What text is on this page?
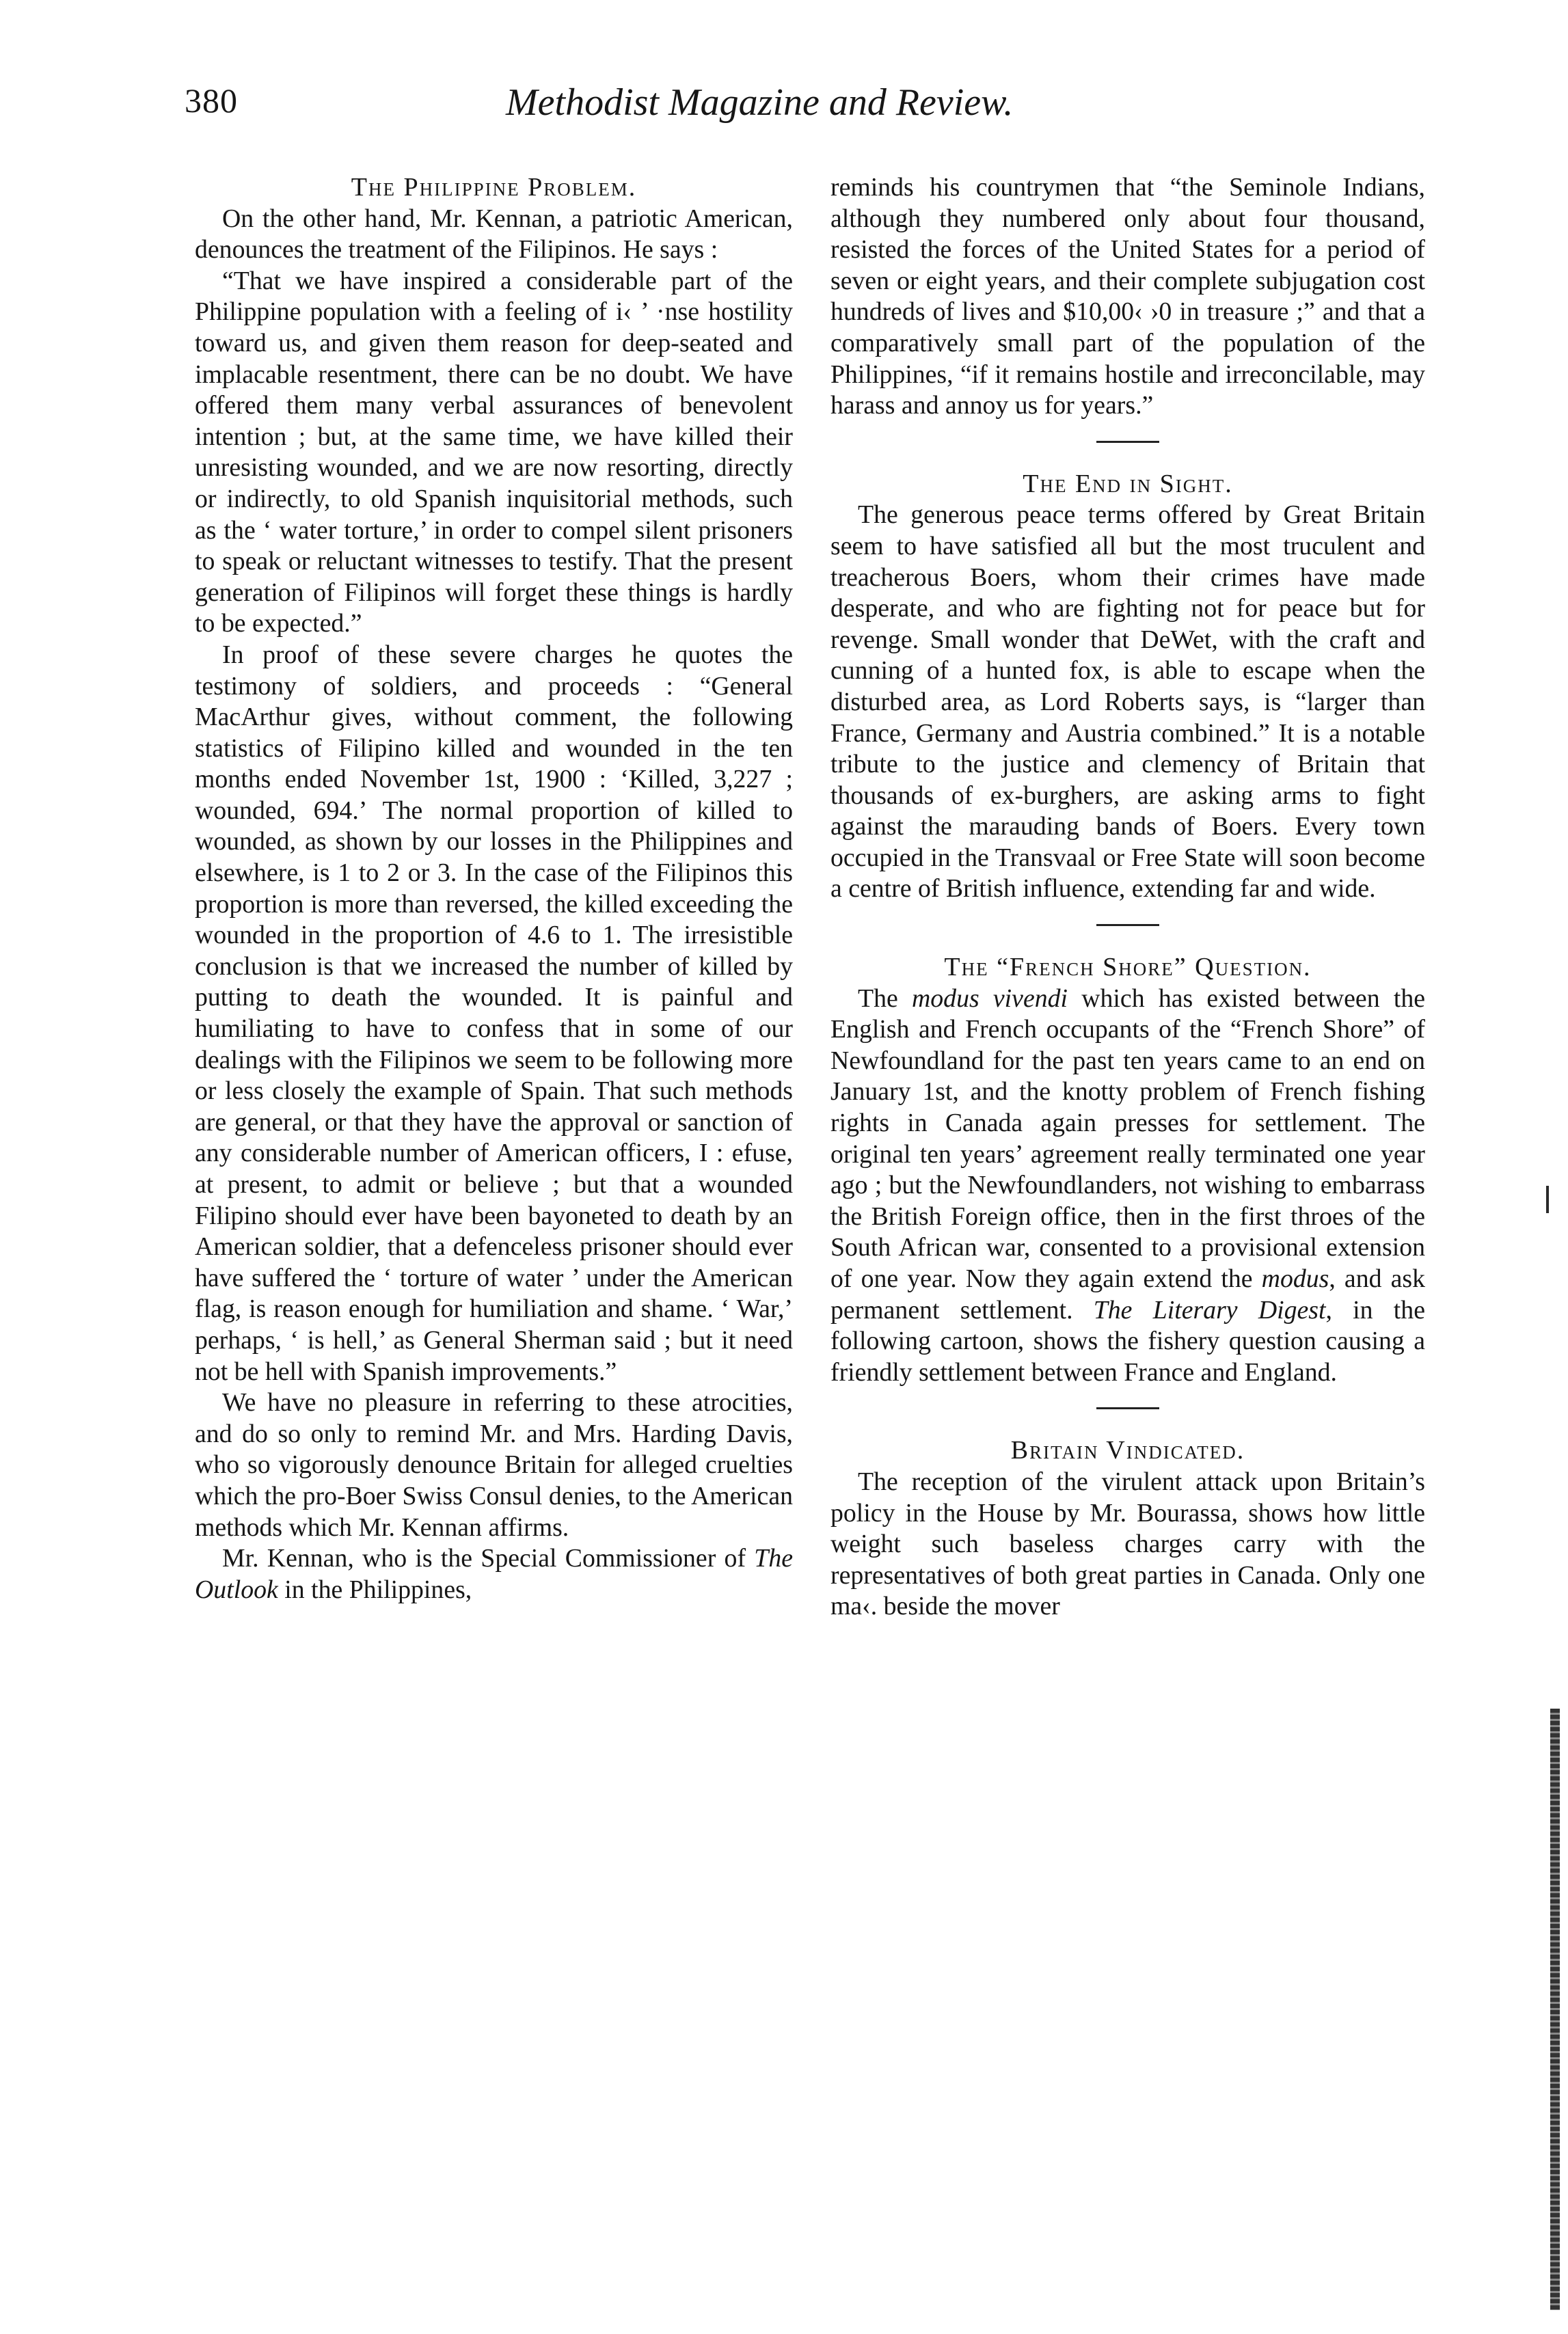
380	Methodist Magazine and Review.

The Philippine Problem.

On the other hand, Mr. Kennan, a patriotic American, denounces the treatment of the Filipinos. He says :

“That we have inspired a considerable part of the Philippine population with a feeling of i‹ ’ ·nse hostility toward us, and given them reason for deep-seated and implacable resentment, there can be no doubt. We have offered them many verbal assurances of benevolent intention ; but, at the same time, we have killed their unresisting wounded, and we are now resorting, directly or indirectly, to old Spanish inquisitorial methods, such as the ‘ water torture,’ in order to compel silent prisoners to speak or reluctant witnesses to testify. That the present generation of Filipinos will forget these things is hardly to be expected.”

In proof of these severe charges he quotes the testimony of soldiers, and proceeds : “General MacArthur gives, without comment, the following statistics of Filipino killed and wounded in the ten months ended November 1st, 1900 : ‘Killed, 3,227 ; wounded, 694.’ The normal proportion of killed to wounded, as shown by our losses in the Philippines and elsewhere, is 1 to 2 or 3. In the case of the Filipinos this proportion is more than reversed, the killed exceeding the wounded in the proportion of 4.6 to 1. The irresistible conclusion is that we increased the number of killed by putting to death the wounded. It is painful and humiliating to have to confess that in some of our dealings with the Filipinos we seem to be following more or less closely the example of Spain. That such methods are general, or that they have the approval or sanction of any considerable number of American officers, I : efuse, at present, to admit or believe ; but that a wounded Filipino should ever have been bayoneted to death by an American soldier, that a defenceless prisoner should ever have suffered the ‘ torture of water ’ under the American flag, is reason enough for humiliation and shame. ‘ War,’ perhaps, ‘ is hell,’ as General Sherman said ; but it need not be hell with Spanish improvements.”

We have no pleasure in referring to these atrocities, and do so only to remind Mr. and Mrs. Harding Davis, who so vigorously denounce Britain for alleged cruelties which the pro-Boer Swiss Consul denies, to the American methods which Mr. Kennan affirms.

Mr. Kennan, who is the Special Commissioner of The Outlook in the Philippines,

reminds his countrymen that “the Seminole Indians, although they numbered only about four thousand, resisted the forces of the United States for a period of seven or eight years, and their complete subjugation cost hundreds of lives and $10,00‹ ›0 in treasure ;” and that a comparatively small part of the population of the Philippines, “if it remains hostile and irreconcilable, may harass and annoy us for years.”

The End in Sight.

The generous peace terms offered by Great Britain seem to have satisfied all but the most truculent and treacherous Boers, whom their crimes have made desperate, and who are fighting not for peace but for revenge. Small wonder that DeWet, with the craft and cunning of a hunted fox, is able to escape when the disturbed area, as Lord Roberts says, is “larger than France, Germany and Austria combined.” It is a notable tribute to the justice and clemency of Britain that thousands of ex-burghers, are asking arms to fight against the marauding bands of Boers. Every town occupied in the Transvaal or Free State will soon become a centre of British influence, extending far and wide.

The “French Shore” Question.

The modus vivendi which has existed between the English and French occupants of the “French Shore” of Newfoundland for the past ten years came to an end on January 1st, and the knotty problem of French fishing rights in Canada again presses for settlement. The original ten years’ agreement really terminated one year ago ; but the Newfoundlanders, not wishing to embarrass the British Foreign office, then in the first throes of the South African war, consented to a provisional extension of one year. Now they again extend the modus, and ask permanent settlement. The Literary Digest, in the following cartoon, shows the fishery question causing a friendly settlement between France and England.

Britain Vindicated.

The reception of the virulent attack upon Britain’s policy in the House by Mr. Bourassa, shows how little weight such baseless charges carry with the representatives of both great parties in Canada. Only one ma‹. beside the mover
